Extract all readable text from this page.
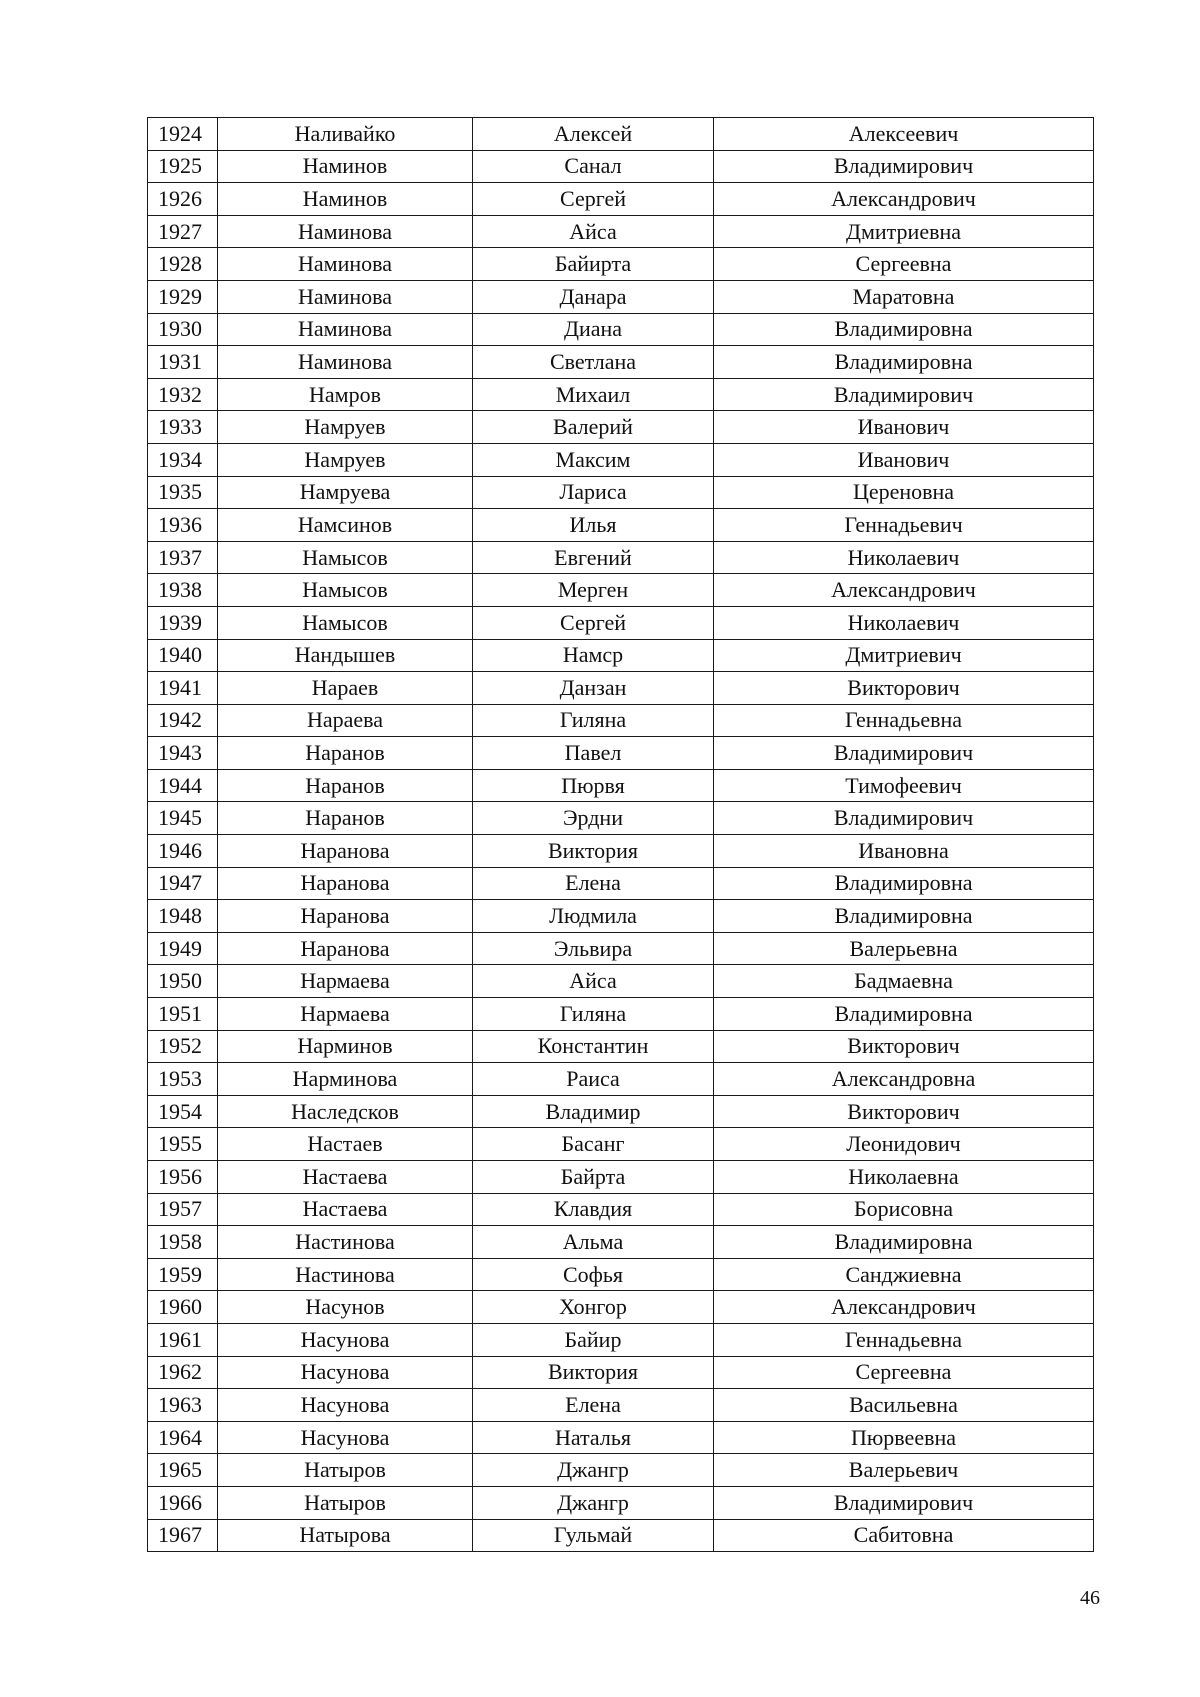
1924	Наливайко	Алексей	Алексеевич
1925	Наминов	Санал	Владимирович
1926	Наминов	Сергей	Александрович
1927	Наминова	Айса	Дмитриевна
1928	Наминова	Байирта	Сергеевна
1929	Наминова	Данара	Маратовна
1930	Наминова	Диана	Владимировна
1931	Наминова	Светлана	Владимировна
1932	Намров	Михаил	Владимирович
1933	Намруев	Валерий	Иванович
1934	Намруев	Максим	Иванович
1935	Намруева	Лариса	Цереновна
1936	Намсинов	Илья	Геннадьевич
1937	Намысов	Евгений	Николаевич
1938	Намысов	Мерген	Александрович
1939	Намысов	Сергей	Николаевич
1940	Нандышев	Намср	Дмитриевич
1941	Нараев	Данзан	Викторович
1942	Нараева	Гиляна	Геннадьевна
1943	Наранов	Павел	Владимирович
1944	Наранов	Пюрвя	Тимофеевич
1945	Наранов	Эрдни	Владимирович
1946	Наранова	Виктория	Ивановна
1947	Наранова	Елена	Владимировна
1948	Наранова	Людмила	Владимировна
1949	Наранова	Эльвира	Валерьевна
1950	Нармаева	Айса	Бадмаевна
1951	Нармаева	Гиляна	Владимировна
1952	Нарминов	Константин	Викторович
1953	Нарминова	Раиса	Александровна
1954	Наследсков	Владимир	Викторович
1955	Настаев	Басанг	Леонидович
1956	Настаева	Байрта	Николаевна
1957	Настаева	Клавдия	Борисовна
1958	Настинова	Альма	Владимировна
1959	Настинова	Софья	Санджиевна
1960	Насунов	Хонгор	Александрович
1961	Насунова	Байир	Геннадьевна
1962	Насунова	Виктория	Сергеевна
1963	Насунова	Елена	Васильевна
1964	Насунова	Наталья	Пюрвеевна
1965	Натыров	Джангр	Валерьевич
1966	Натыров	Джангр	Владимирович
1967	Натырова	Гульмай	Сабитовна
46
